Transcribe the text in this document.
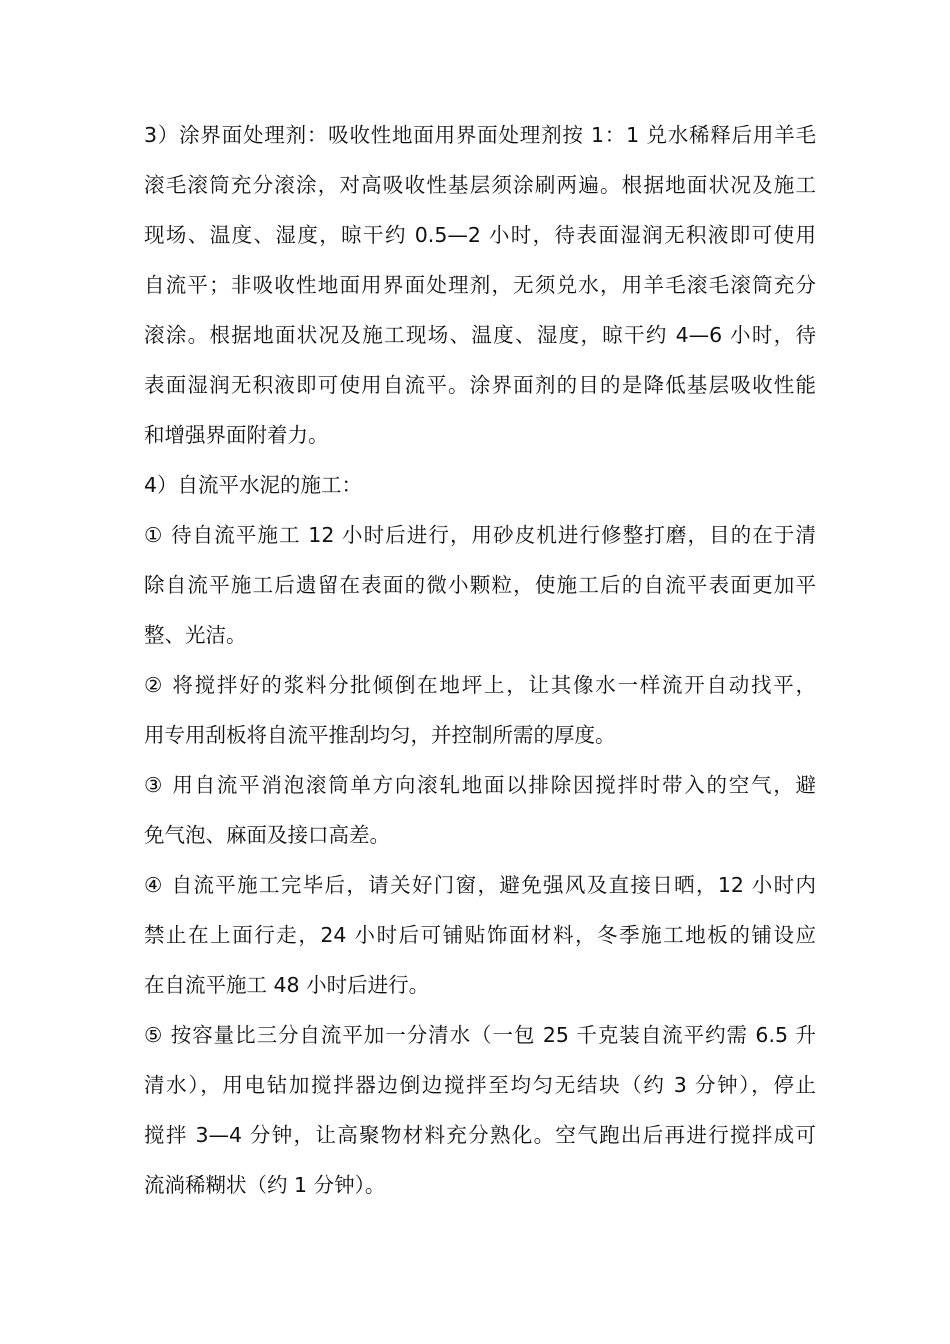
3）涂界面处理剂：吸收性地面用界面处理剂按 1：1 兑水稀释后用羊毛
滚毛滚筒充分滚涂，对高吸收性基层须涂刷两遍。根据地面状况及施工
现场、温度、湿度，晾干约 0.5—2 小时，待表面湿润无积液即可使用
自流平；非吸收性地面用界面处理剂，无须兑水，用羊毛滚毛滚筒充分
滚涂。根据地面状况及施工现场、温度、湿度，晾干约 4—6 小时，待
表面湿润无积液即可使用自流平。涂界面剂的目的是降低基层吸收性能
和增强界面附着力。
4）自流平水泥的施工：
① 待自流平施工 12 小时后进行，用砂皮机进行修整打磨，目的在于清
除自流平施工后遗留在表面的微小颗粒，使施工后的自流平表面更加平
整、光洁。
② 将搅拌好的浆料分批倾倒在地坪上，让其像水一样流开自动找平，
用专用刮板将自流平推刮均匀，并控制所需的厚度。
③ 用自流平消泡滚筒单方向滚轧地面以排除因搅拌时带入的空气，避
免气泡、麻面及接口高差。
④ 自流平施工完毕后，请关好门窗，避免强风及直接日晒，12 小时内
禁止在上面行走，24 小时后可铺贴饰面材料，冬季施工地板的铺设应
在自流平施工 48 小时后进行。
⑤ 按容量比三分自流平加一分清水（一包 25 千克装自流平约需 6.5 升
清水），用电钻加搅拌器边倒边搅拌至均匀无结块（约 3 分钟），停止
搅拌 3—4 分钟，让高聚物材料充分熟化。空气跑出后再进行搅拌成可
流淌稀糊状（约 1 分钟）。
